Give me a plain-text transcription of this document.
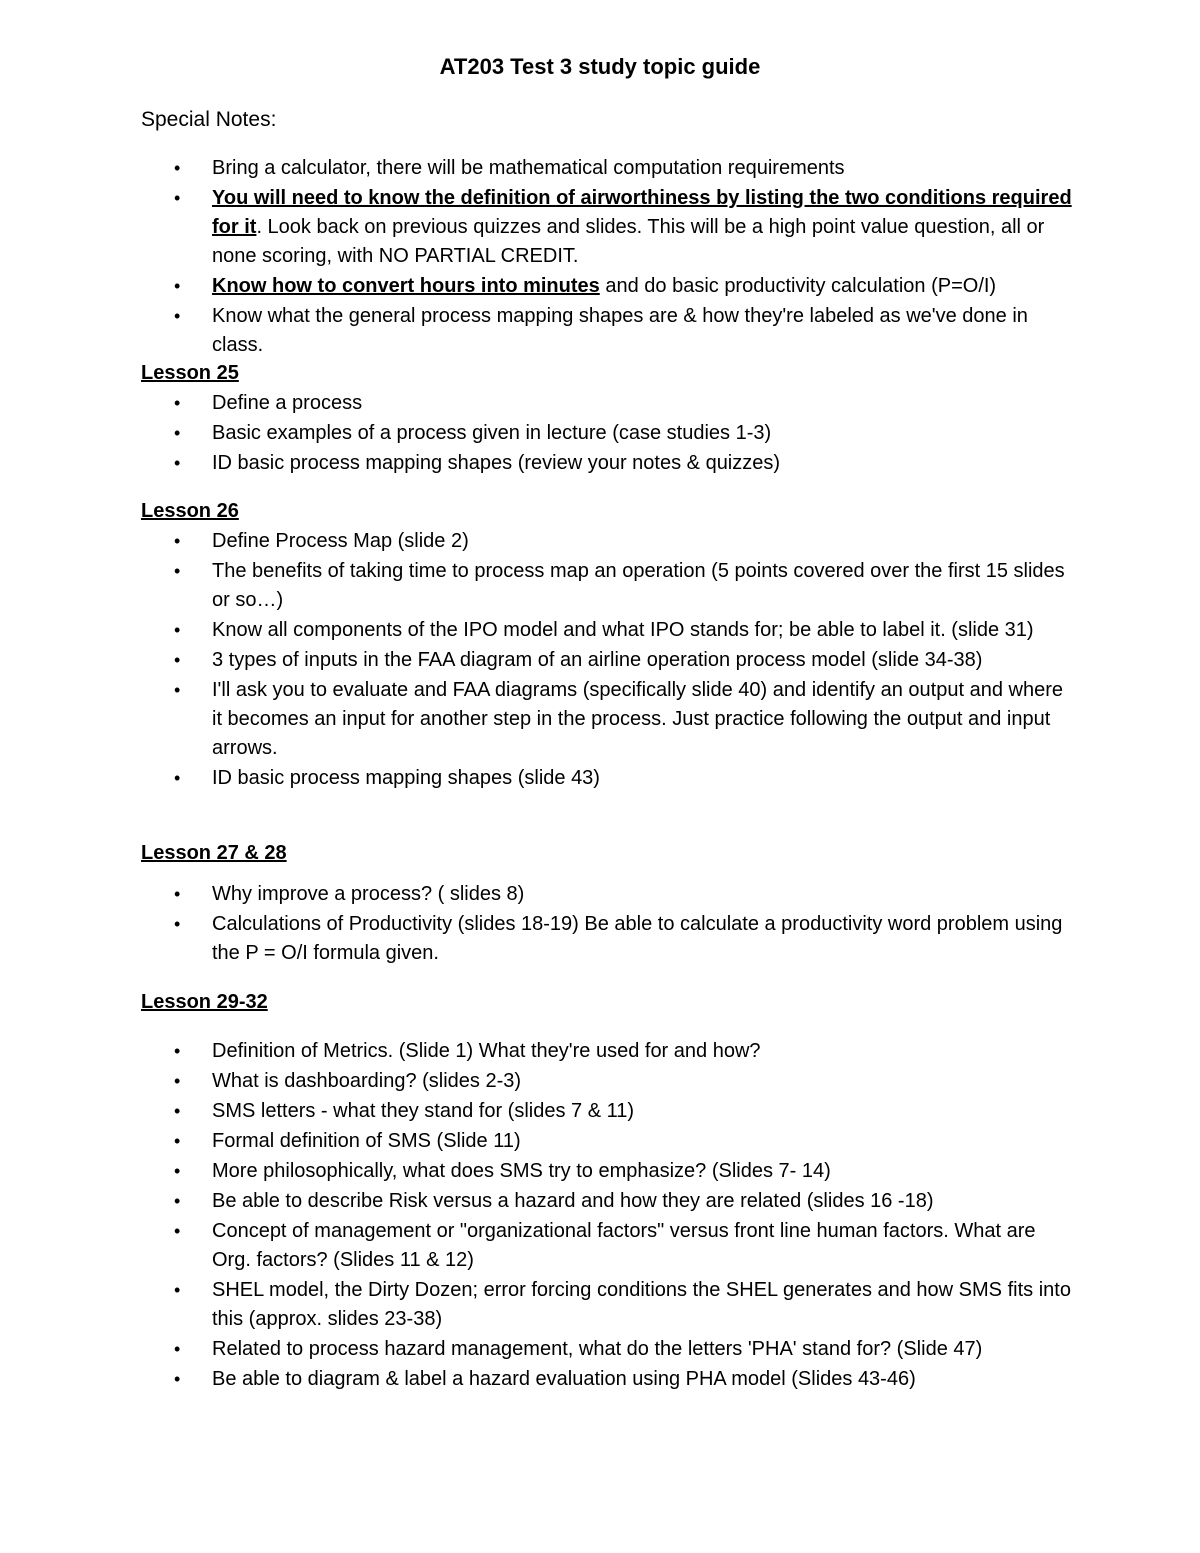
AT203 Test 3 study topic guide
Special Notes:
• Bring a calculator, there will be mathematical computation requirements
• You will need to know the definition of airworthiness by listing the two conditions required for it. Look back on previous quizzes and slides. This will be a high point value question, all or none scoring, with NO PARTIAL CREDIT.
• Know how to convert hours into minutes and do basic productivity calculation (P=O/I)
• Know what the general process mapping shapes are & how they're labeled as we've done in class.
Lesson 25
• Define a process
• Basic examples of a process given in lecture (case studies 1-3)
• ID basic process mapping shapes (review your notes & quizzes)
Lesson 26
• Define Process Map (slide 2)
• The benefits of taking time to process map an operation (5 points covered over the first 15 slides or so…)
• Know all components of the IPO model and what IPO stands for; be able to label it. (slide 31)
• 3 types of inputs in the FAA diagram of an airline operation process model (slide 34-38)
• I'll ask you to evaluate and FAA diagrams (specifically slide 40) and identify an output and where it becomes an input for another step in the process. Just practice following the output and input arrows.
• ID basic process mapping shapes (slide 43)
Lesson 27 & 28
• Why improve a process? ( slides 8)
• Calculations of Productivity (slides 18-19) Be able to calculate a productivity word problem using the P = O/I formula given.
Lesson 29-32
• Definition of Metrics. (Slide 1) What they're used for and how?
• What is dashboarding? (slides 2-3)
• SMS letters - what they stand for (slides 7 & 11)
• Formal definition of SMS (Slide 11)
• More philosophically, what does SMS try to emphasize? (Slides 7- 14)
• Be able to describe Risk versus a hazard and how they are related (slides 16 -18)
• Concept of management or "organizational factors" versus front line human factors. What are Org. factors? (Slides 11 & 12)
• SHEL model, the Dirty Dozen; error forcing conditions the SHEL generates and how SMS fits into this (approx. slides 23-38)
• Related to process hazard management, what do the letters 'PHA' stand for? (Slide 47)
• Be able to diagram & label a hazard evaluation using PHA model (Slides 43-46)
